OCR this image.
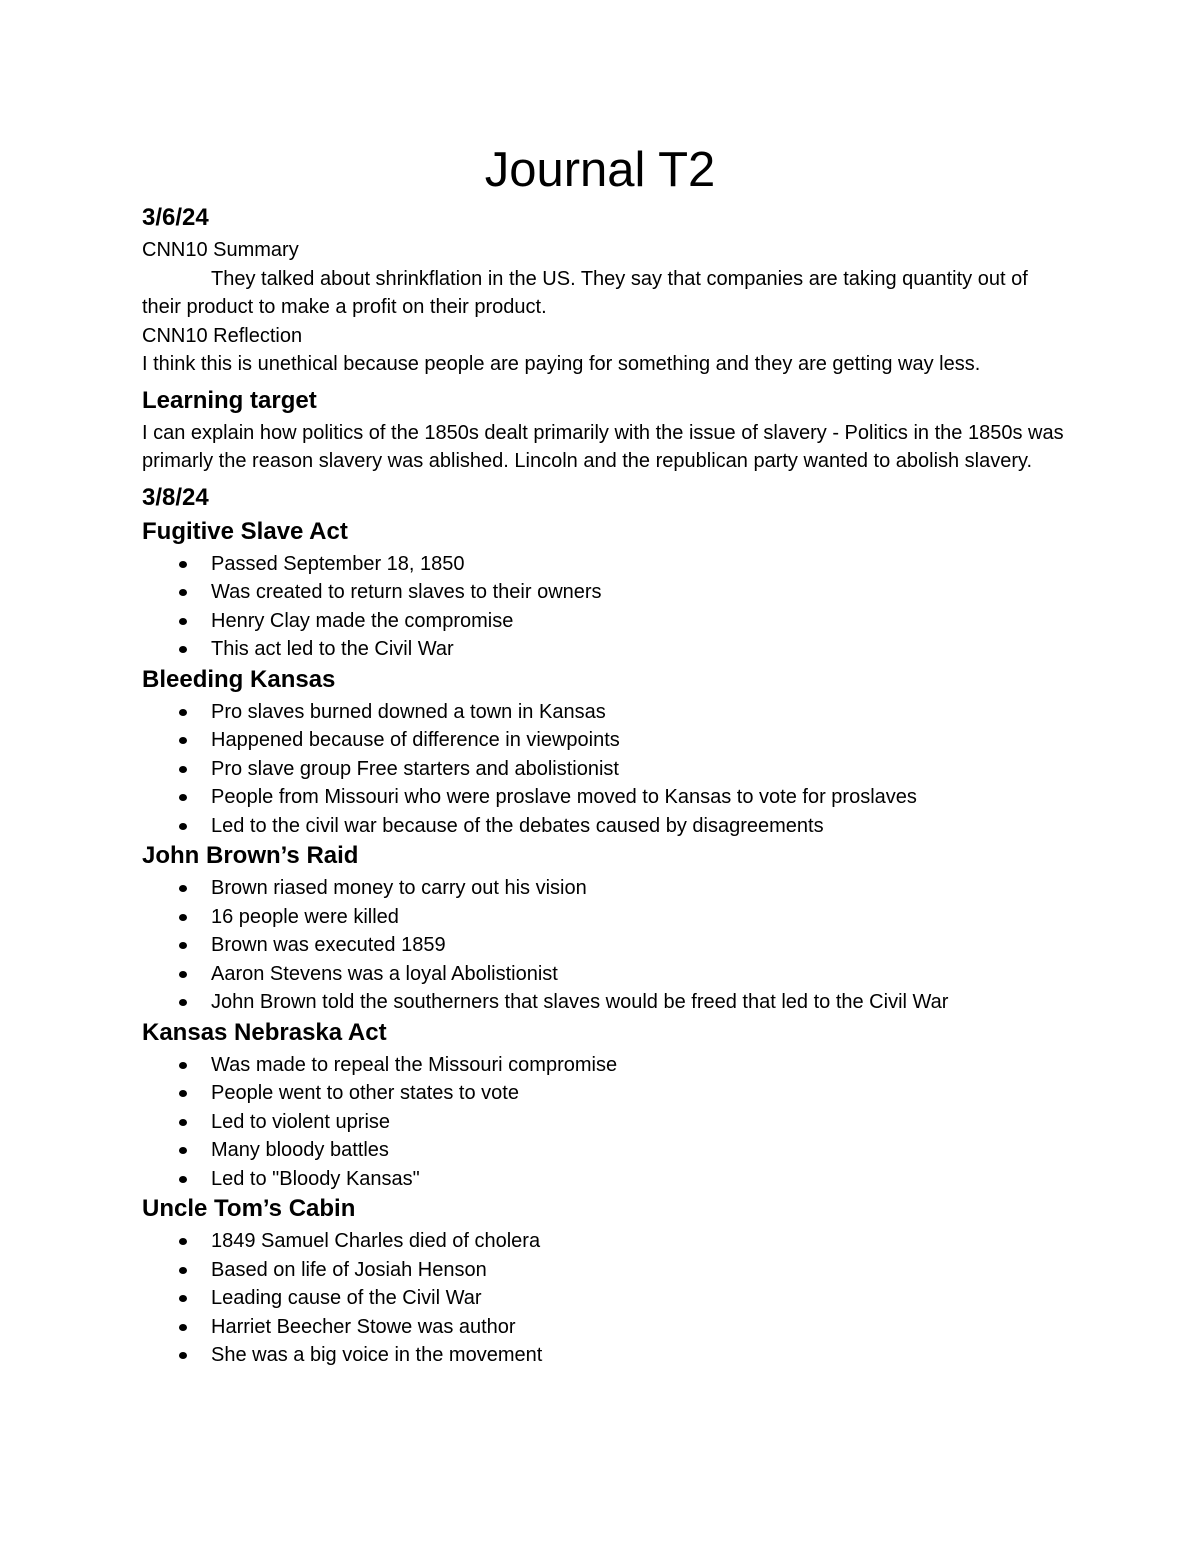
Journal T2
3/6/24

CNN10 Summary

They talked about shrinkflation in the US. They say that companies are taking quantity out of their product to make a profit on their product.

CNN10 Reflection

I think this is unethical because people are paying for something and they are getting way less.

Learning target

I can explain how politics of the 1850s dealt primarily with the issue of slavery - Politics in the 1850s was primarly the reason slavery was ablished. Lincoln and the republican party wanted to abolish slavery.

3/8/24
Fugitive Slave Act
Passed September 18, 1850
Was created to return slaves to their owners
Henry Clay made the compromise
This act led to the Civil War
Bleeding Kansas
Pro slaves burned downed a town in Kansas
Happened because of difference in viewpoints
Pro slave group Free starters and abolistionist
People from Missouri who were proslave moved to Kansas to vote for proslaves
Led to the civil war because of the debates caused by disagreements
John Brown’s Raid
Brown riased money to carry out his vision
16 people were killed
Brown was executed 1859
Aaron Stevens was a loyal Abolistionist
John Brown told the southerners that slaves would be freed that led to the Civil War
Kansas Nebraska Act
Was made to repeal the Missouri compromise
People went to other states to vote
Led to violent uprise
Many bloody battles
Led to "Bloody Kansas"
Uncle Tom’s Cabin
1849 Samuel Charles died of cholera
Based on life of Josiah Henson
Leading cause of the Civil War
Harriet Beecher Stowe was author
She was a big voice in the movement
